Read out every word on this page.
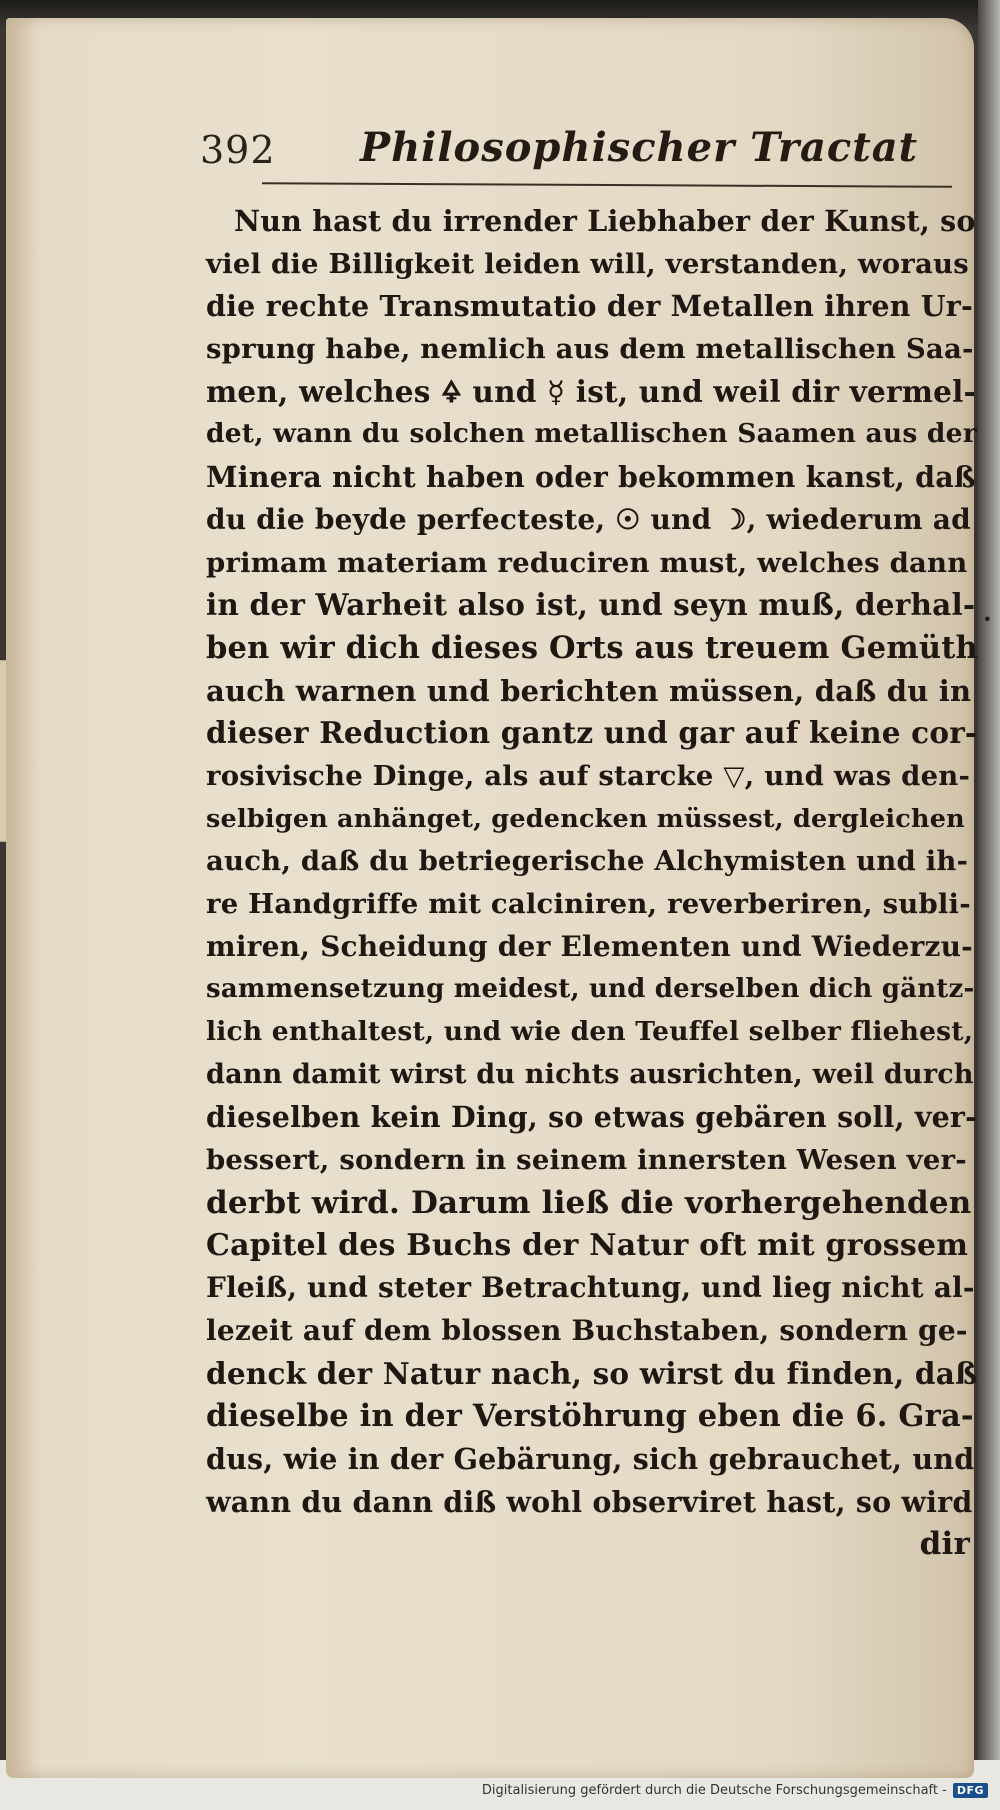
392 Philosophischer Tractat
Nun hast du irrender Liebhaber der Kunst, so
viel die Billigkeit leiden will, verstanden, woraus
die rechte Transmutatio der Metallen ihren Ur-
sprung habe, nemlich aus dem metallischen Saa-
men, welches 🜍 und ☿ ist, und weil dir vermel-
det, wann du solchen metallischen Saamen aus der
Minera nicht haben oder bekommen kanst, daß
du die beyde perfecteste, ☉ und ☽, wiederum ad
primam materiam reduciren must, welches dann
in der Warheit also ist, und seyn muß, derhal-
ben wir dich dieses Orts aus treuem Gemüth
auch warnen und berichten müssen, daß du in
dieser Reduction gantz und gar auf keine cor-
rosivische Dinge, als auf starcke ▽, und was den-
selbigen anhänget, gedencken müssest, dergleichen
auch, daß du betriegerische Alchymisten und ih-
re Handgriffe mit calciniren, reverberiren, subli-
miren, Scheidung der Elementen und Wiederzu-
sammensetzung meidest, und derselben dich gäntz-
lich enthaltest, und wie den Teuffel selber fliehest,
dann damit wirst du nichts ausrichten, weil durch
dieselben kein Ding, so etwas gebären soll, ver-
bessert, sondern in seinem innersten Wesen ver-
derbt wird. Darum ließ die vorhergehenden
Capitel des Buchs der Natur oft mit grossem
Fleiß, und steter Betrachtung, und lieg nicht al-
lezeit auf dem blossen Buchstaben, sondern ge-
denck der Natur nach, so wirst du finden, daß
dieselbe in der Verstöhrung eben die 6. Gra-
dus, wie in der Gebärung, sich gebrauchet, und
wann du dann diß wohl observiret hast, so wird
dir
•
Digitalisierung gefördert durch die Deutsche Forschungsgemeinschaft - DFG
